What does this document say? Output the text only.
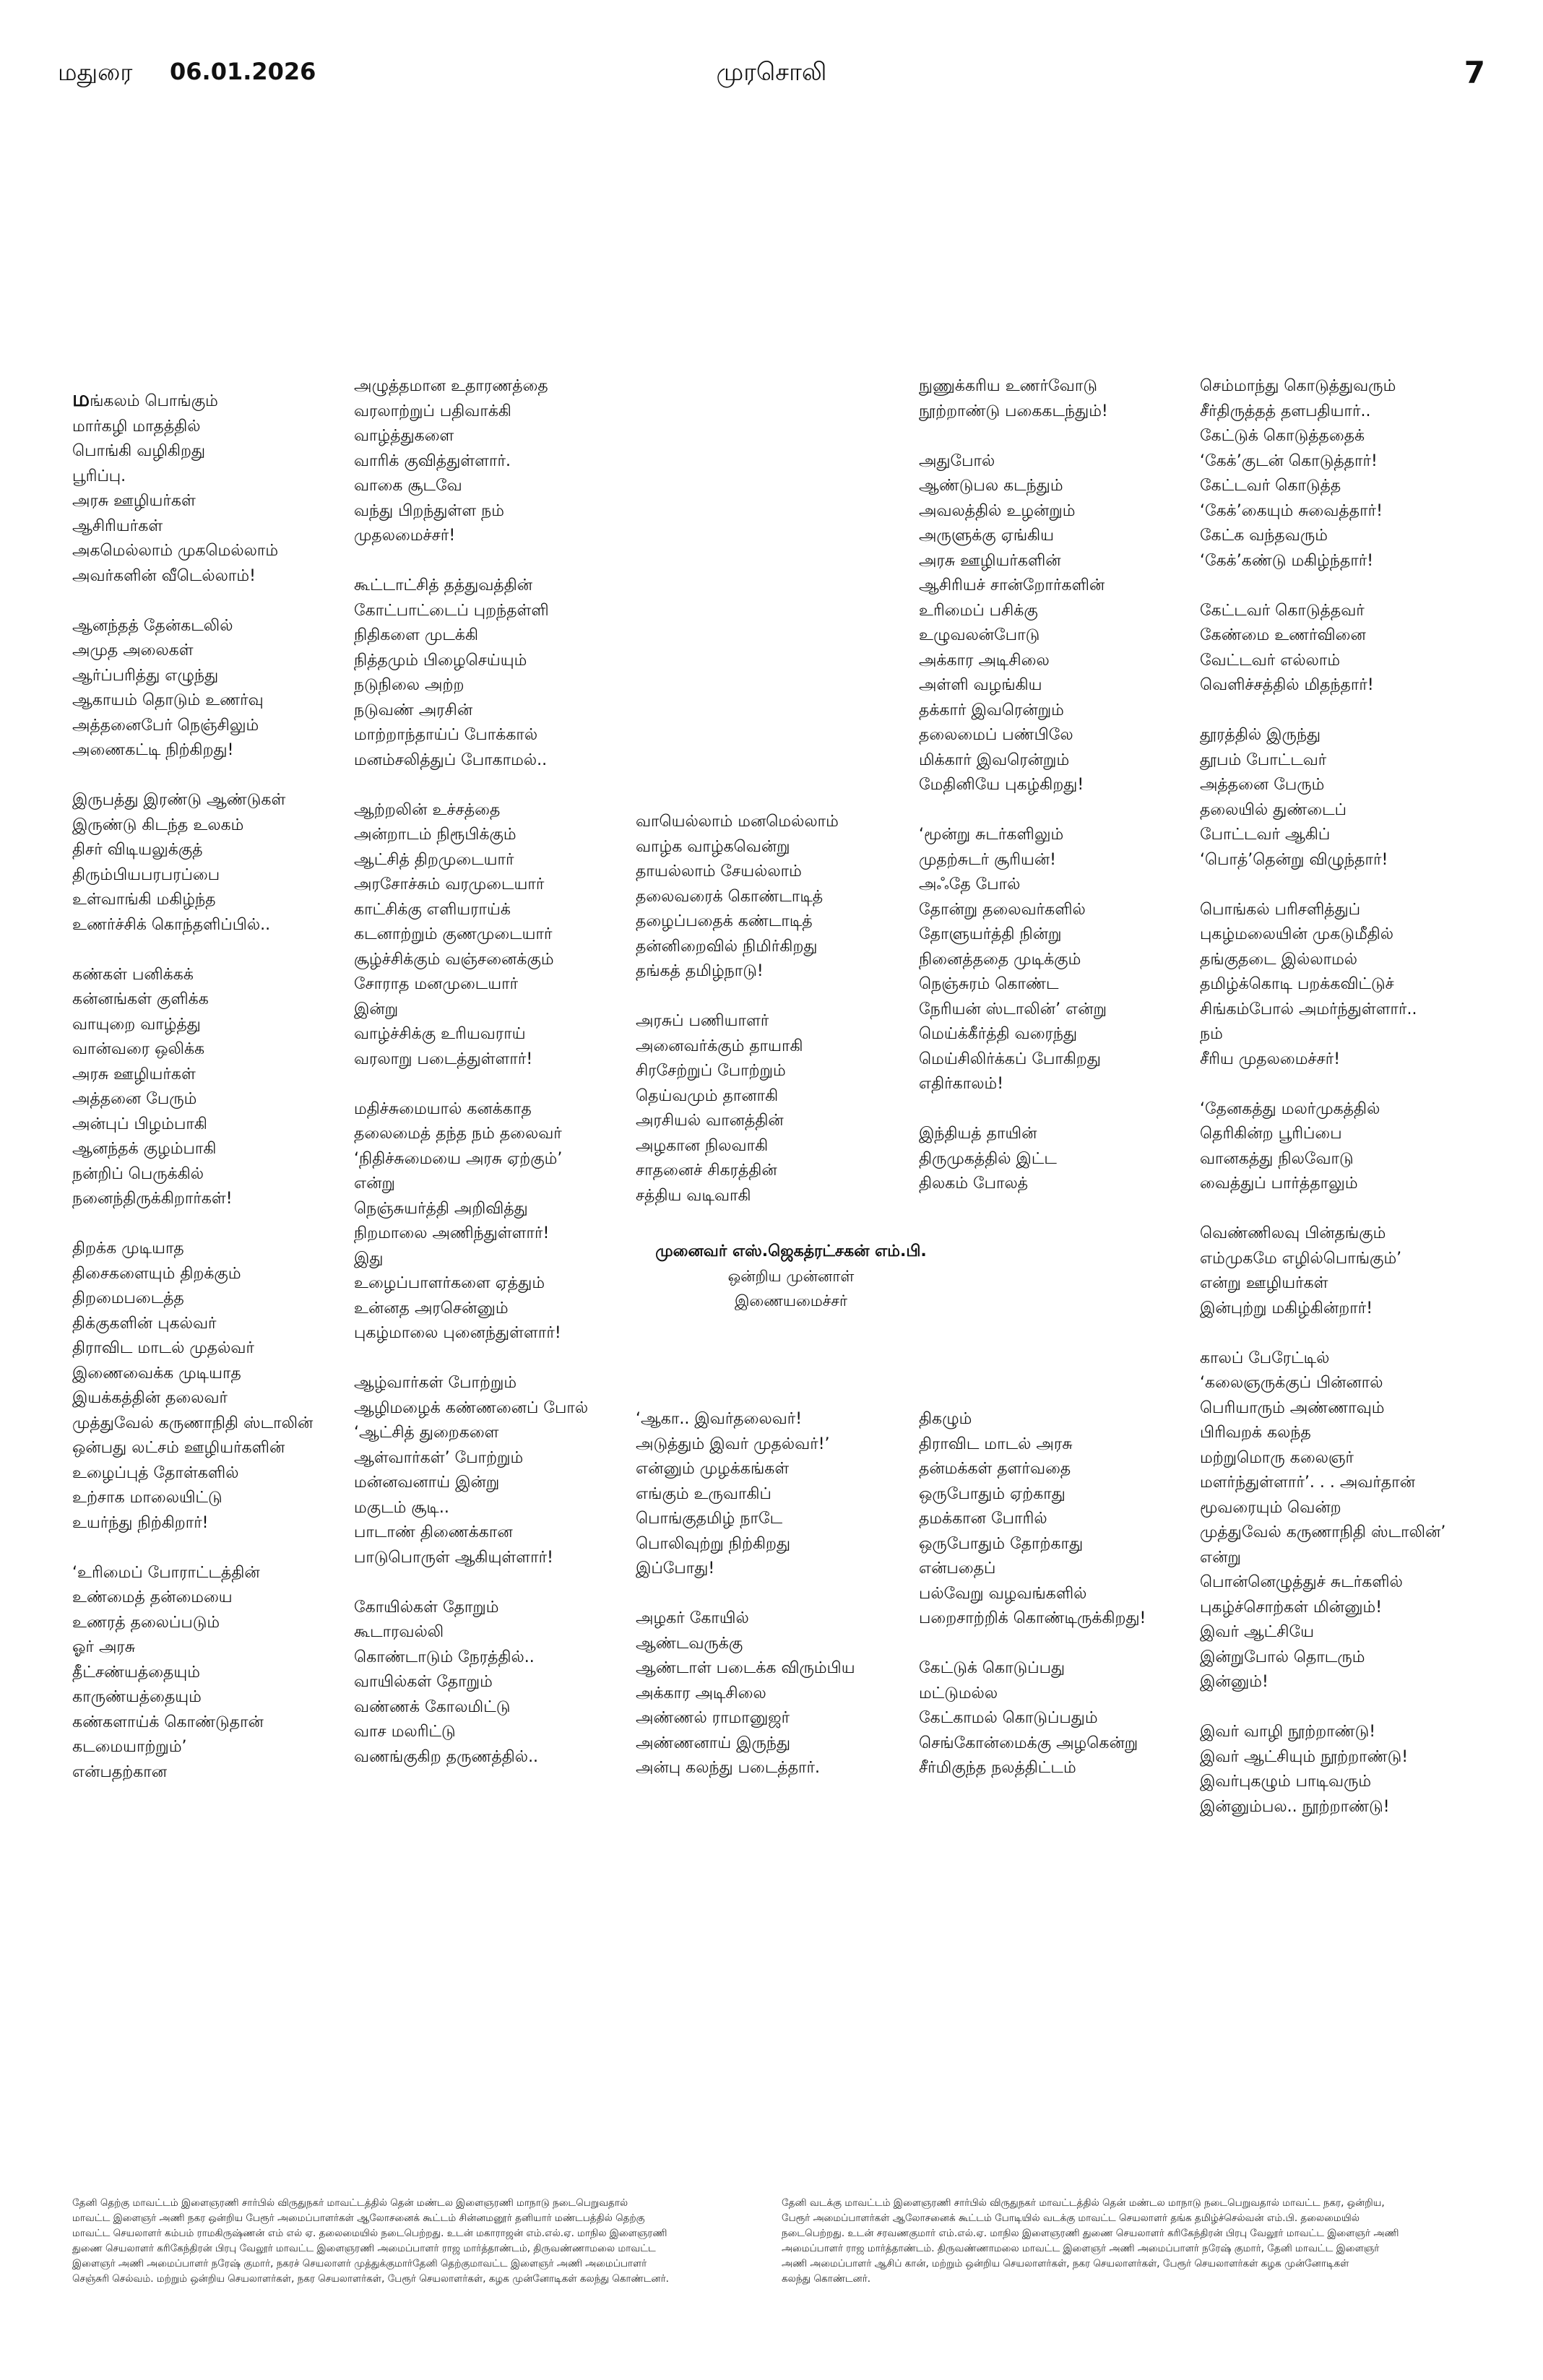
மதுரை 06.01.2026	முரசொலி	7
மங்கலம் பொங்கும்
மார்கழி மாதத்தில்
பொங்கி வழிகிறது
பூரிப்பு.
அரசு ஊழியர்கள்
ஆசிரியர்கள்
அகமெல்லாம் முகமெல்லாம்
அவர்களின் வீடெல்லாம்!
ஆனந்தத் தேன்கடலில்
அமுத அலைகள்
ஆர்ப்பரித்து எழுந்து
ஆகாயம் தொடும் உணர்வு
அத்தனைபேர் நெஞ்சிலும்
அணைகட்டி நிற்கிறது!
இருபத்து இரண்டு ஆண்டுகள்
இருண்டு கிடந்த உலகம்
திசர் விடியலுக்குத்
திரும்பியபரபரப்பை
உள்வாங்கி மகிழ்ந்த
உணர்ச்சிக் கொந்தளிப்பில்..
கண்கள் பனிக்கக்
கன்னங்கள் குளிக்க
வாயுறை வாழ்த்து
வான்வரை ஒலிக்க
அரசு ஊழியர்கள்
அத்தனை பேரும்
அன்புப் பிழம்பாகி
ஆனந்தக் குழம்பாகி
நன்றிப் பெருக்கில்
நனைந்திருக்கிறார்கள்!
திறக்க முடியாத
திசைகளையும் திறக்கும்
திறமைபடைத்த
திக்குகளின் புகல்வர்
திராவிட மாடல் முதல்வர்
இணைவைக்க முடியாத
இயக்கத்தின் தலைவர்
முத்துவேல் கருணாநிதி ஸ்டாலின்
ஒன்பது லட்சம் ஊழியர்களின்
உழைப்புத் தோள்களில்
உற்சாக மாலையிட்டு
உயர்ந்து நிற்கிறார்!
‘உரிமைப் போராட்டத்தின்
உண்மைத் தன்மையை
உணரத் தலைப்படும்
ஓர் அரசு
தீட்சண்யத்தையும்
காருண்யத்தையும்
கண்களாய்க் கொண்டுதான்
கடமையாற்றும்’
என்பதற்கான
அழுத்தமான உதாரணத்தை
வரலாற்றுப் பதிவாக்கி
வாழ்த்துகளை
வாரிக் குவித்துள்ளார்.
வாகை சூடவே
வந்து பிறந்துள்ள நம்
முதலமைச்சர்!
கூட்டாட்சித் தத்துவத்தின்
கோட்பாட்டைப் புறந்தள்ளி
நிதிகளை முடக்கி
நித்தமும் பிழைசெய்யும்
நடுநிலை அற்ற
நடுவண் அரசின்
மாற்றாந்தாய்ப் போக்கால்
மனம்சலித்துப் போகாமல்..
ஆற்றலின் உச்சத்தை
அன்றாடம் நிரூபிக்கும்
ஆட்சித் திறமுடையார்
அரசோச்சும் வரமுடையார்
காட்சிக்கு எளியராய்க்
கடனாற்றும் குணமுடையார்
சூழ்ச்சிக்கும் வஞ்சனைக்கும்
சோராத மனமுடையார்
இன்று
வாழ்ச்சிக்கு உரியவராய்
வரலாறு படைத்துள்ளார்!
மதிச்சுமையால் கனக்காத
தலைமைத் தந்த நம் தலைவர்
‘நிதிச்சுமையை அரசு ஏற்கும்’
என்று
நெஞ்சுயர்த்தி அறிவித்து
நிறமாலை அணிந்துள்ளார்!
இது
உழைப்பாளர்களை ஏத்தும்
உன்னத அரசென்னும்
புகழ்மாலை புனைந்துள்ளார்!
ஆழ்வார்கள் போற்றும்
ஆழிமழைக் கண்ணனைப் போல்
‘ஆட்சித் துறைகளை
ஆள்வார்கள்’ போற்றும்
மன்னவனாய் இன்று
மகுடம் சூடி..
பாடாண் திணைக்கான
பாடுபொருள் ஆகியுள்ளார்!
கோயில்கள் தோறும்
கூடாரவல்லி
கொண்டாடும் நேரத்தில்..
வாயில்கள் தோறும்
வண்ணக் கோலமிட்டு
வாச மலரிட்டு
வணங்குகிற தருணத்தில்..
வாயெல்லாம் மனமெல்லாம்
வாழ்க வாழ்கவென்று
தாயல்லாம் சேயல்லாம்
தலைவரைக் கொண்டாடித்
தழைப்பதைக் கண்டாடித்
தன்னிறைவில் நிமிர்கிறது
தங்கத் தமிழ்நாடு!
அரசுப் பணியாளர்
அனைவர்க்கும் தாயாகி
சிரசேற்றுப் போற்றும்
தெய்வமும் தானாகி
அரசியல் வானத்தின்
அழகான நிலவாகி
சாதனைச் சிகரத்தின்
சத்திய வடிவாகி
‘ஆகா.. இவர்தலைவர்!
அடுத்தும் இவர் முதல்வர்!’
என்னும் முழக்கங்கள்
எங்கும் உருவாகிப்
பொங்குதமிழ் நாடே
பொலிவுற்று நிற்கிறது
இப்போது!
அழகர் கோயில்
ஆண்டவருக்கு
ஆண்டாள் படைக்க விரும்பிய
அக்கார அடிசிலை
அண்ணல் ராமானுஜர்
அண்ணனாய் இருந்து
அன்பு கலந்து படைத்தார்.
நுணுக்கரிய உணர்வோடு
நூற்றாண்டு பகைகடந்தும்!
அதுபோல்
ஆண்டுபல கடந்தும்
அவலத்தில் உழன்றும்
அருளுக்கு ஏங்கிய
அரசு ஊழியர்களின்
ஆசிரியச் சான்றோர்களின்
உரிமைப் பசிக்கு
உழுவலன்போடு
அக்கார அடிசிலை
அள்ளி வழங்கிய
தக்கார் இவரென்றும்
தலைமைப் பண்பிலே
மிக்கார் இவரென்றும்
மேதினியே புகழ்கிறது!
‘மூன்று சுடர்களிலும்
முதற்சுடர் சூரியன்!
அஃதே போல்
தோன்று தலைவர்களில்
தோளுயர்த்தி நின்று
நினைத்ததை முடிக்கும்
நெஞ்சுரம் கொண்ட
நேரியன் ஸ்டாலின்’ என்று
மெய்க்கீர்த்தி வரைந்து
மெய்சிலிர்க்கப் போகிறது
எதிர்காலம்!
இந்தியத் தாயின்
திருமுகத்தில் இட்ட
திலகம் போலத்
திகழும்
திராவிட மாடல் அரசு
தன்மக்கள் தளர்வதை
ஒருபோதும் ஏற்காது
தமக்கான போரில்
ஒருபோதும் தோற்காது
என்பதைப்
பல்வேறு வழவங்களில்
பறைசாற்றிக் கொண்டிருக்கிறது!
கேட்டுக் கொடுப்பது
மட்டுமல்ல
கேட்காமல் கொடுப்பதும்
செங்கோன்மைக்கு அழகென்று
சீர்மிகுந்த நலத்திட்டம்
செம்மாந்து கொடுத்துவரும்
சீர்திருத்தத் தளபதியார்..
கேட்டுக் கொடுத்ததைக்
‘கேக்’குடன் கொடுத்தார்!
கேட்டவர் கொடுத்த
‘கேக்’கையும் சுவைத்தார்!
கேட்க வந்தவரும்
‘கேக்’கண்டு மகிழ்ந்தார்!
கேட்டவர் கொடுத்தவர்
கேண்மை உணர்வினை
வேட்டவர் எல்லாம்
வெளிச்சத்தில் மிதந்தார்!
தூரத்தில் இருந்து
தூபம் போட்டவர்
அத்தனை பேரும்
தலையில் துண்டைப்
போட்டவர் ஆகிப்
‘பொத்’தென்று விழுந்தார்!
பொங்கல் பரிசளித்துப்
புகழ்மலையின் முகடுமீதில்
தங்குதடை இல்லாமல்
தமிழ்க்கொடி பறக்கவிட்டுச்
சிங்கம்போல் அமர்ந்துள்ளார்..
நம்
சீரிய முதலமைச்சர்!
‘தேனகத்து மலர்முகத்தில்
தெரிகின்ற பூரிப்பை
வானகத்து நிலவோடு
வைத்துப் பார்த்தாலும்
வெண்ணிலவு பின்தங்கும்
எம்முகமே எழில்பொங்கும்’
என்று ஊழியர்கள்
இன்புற்று மகிழ்கின்றார்!
காலப் பேரேட்டில்
‘கலைஞருக்குப் பின்னால்
பெரியாரும் அண்ணாவும்
பிரிவறக் கலந்த
மற்றுமொரு கலைஞர்
மளர்ந்துள்ளார்’. . . அவர்தான்
மூவரையும் வென்ற
முத்துவேல் கருணாநிதி ஸ்டாலின்’
என்று
பொன்னெழுத்துச் சுடர்களில்
புகழ்ச்சொற்கள் மின்னும்!
இவர் ஆட்சியே
இன்றுபோல் தொடரும்
இன்னும்!
இவர் வாழி நூற்றாண்டு!
இவர் ஆட்சியும் நூற்றாண்டு!
இவர்புகழும் பாடிவரும்
இன்னும்பல.. நூற்றாண்டு!
முனைவர் எஸ்.ஜெகத்ரட்சகன் எம்.பி.
ஒன்றிய முன்னாள்
இணையமைச்சர்
தேனி தெற்கு மாவட்டம் இளைஞரணி சார்பில் விருதுநகர் மாவட்டத்தில் தென் மண்டல இளைஞரணி மாநாடு நடைபெறுவதால்
மாவட்ட இளைஞர் அணி நகர ஒன்றிய பேரூர் அமைப்பாளர்கள் ஆலோசனைக் கூட்டம் சின்னமனூர் தனியார் மண்டபத்தில் தெற்கு
மாவட்ட செயலாளர் கம்பம் ராமகிருஷ்ணன் எம் எல் ஏ. தலைமையில் நடைபெற்றது. உடன் மகாராஜன் எம்.எல்.ஏ. மாநில இளைஞரணி
துணை செயலாளர் கரிகேந்திரன் பிரபு வேலூர் மாவட்ட இளைஞரணி அமைப்பாளர் ராஜ மார்த்தாண்டம், திருவண்ணாமலை மாவட்ட
இளைஞர் அணி அமைப்பாளர் நரேஷ் குமார், நகரச் செயலாளர் முத்துக்குமார்தேனி தெற்குமாவட்ட இளைஞர் அணி அமைப்பாளர்
செஞ்சுரி செல்வம். மற்றும் ஒன்றிய செயலாளர்கள், நகர செயலாளர்கள், பேரூர் செயலாளர்கள், கழக முன்னோடிகள் கலந்து கொண்டனர்.
தேனி வடக்கு மாவட்டம் இளைஞரணி சார்பில் விருதுநகர் மாவட்டத்தில் தென் மண்டல மாநாடு நடைபெறுவதால் மாவட்ட நகர, ஒன்றிய,
பேரூர் அமைப்பாளர்கள் ஆலோசனைக் கூட்டம் போடியில் வடக்கு மாவட்ட செயலாளர் தங்க தமிழ்ச்செல்வன் எம்.பி. தலைமையில்
நடைபெற்றது. உடன் சரவணகுமார் எம்.எல்.ஏ. மாநில இளைஞரணி துணை செயலாளர் கரிகேந்திரன் பிரபு வேலூர் மாவட்ட இளைஞர் அணி
அமைப்பாளர் ராஜ மார்த்தாண்டம். திருவண்ணாமலை மாவட்ட இளைஞர் அணி அமைப்பாளர் நரேஷ் குமார், தேனி மாவட்ட இளைஞர்
அணி அமைப்பாளர் ஆசிப் கான், மற்றும் ஒன்றிய செயலாளர்கள், நகர செயலாளர்கள், பேரூர் செயலாளர்கள் கழக முன்னோடிகள்
கலந்து கொண்டனர்.
